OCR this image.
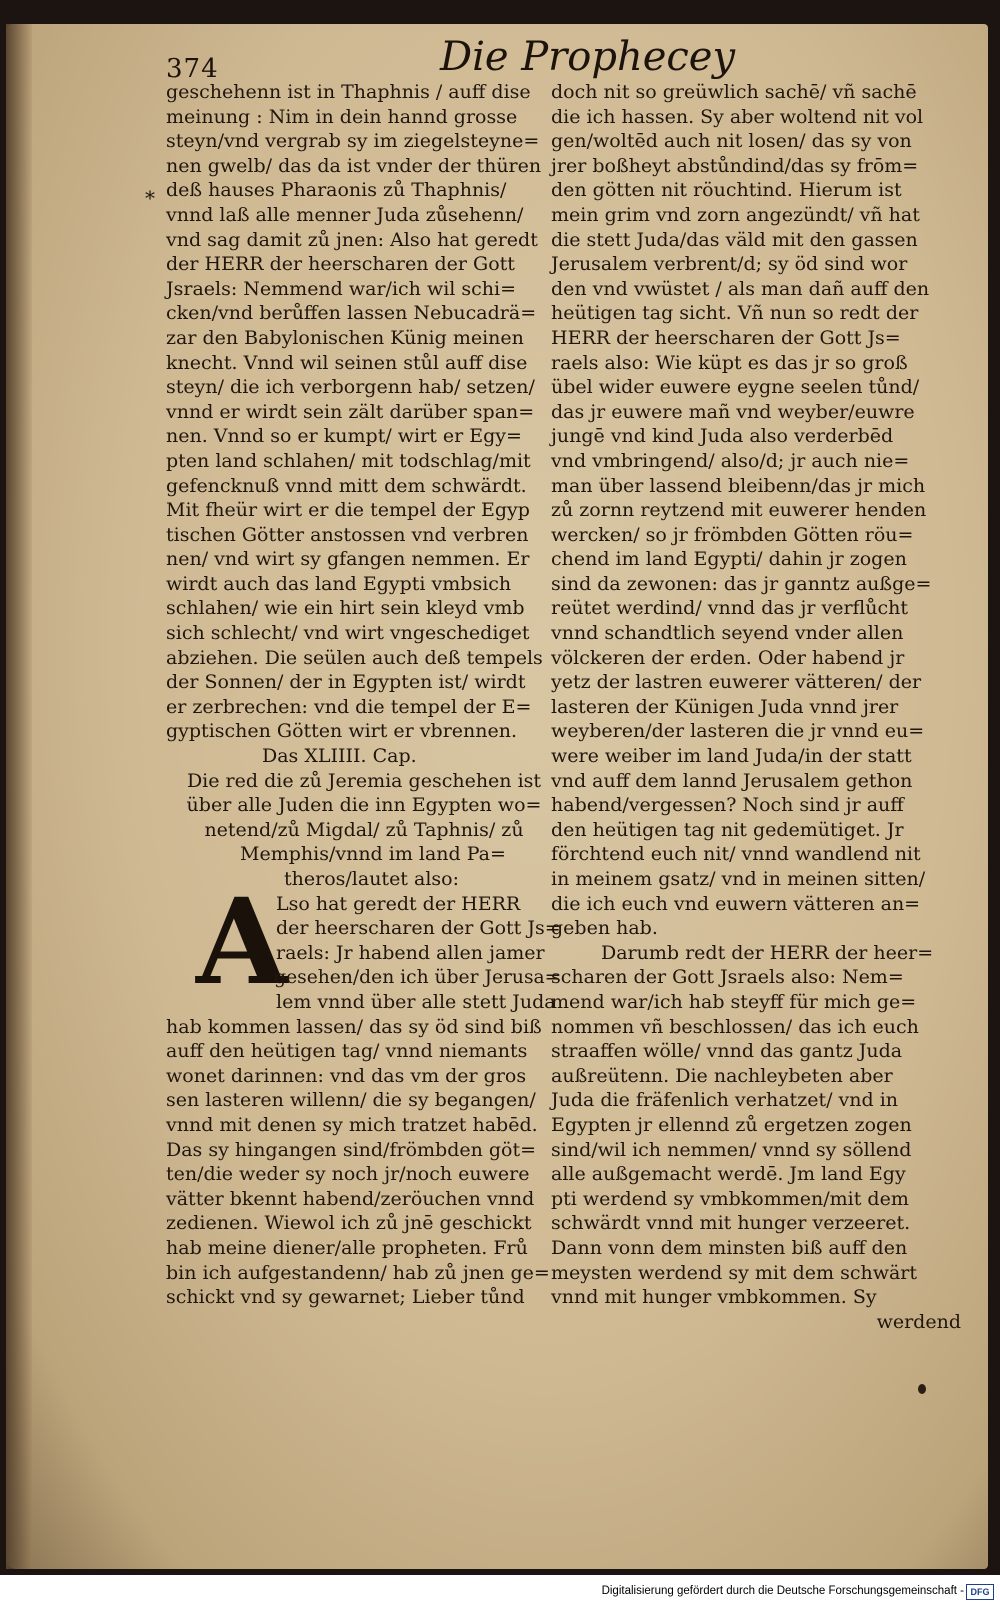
374	Die Prophecey
*
geschehenn ist in Thaphnis / auff dise
meinung : Nim in dein hannd grosse
steyn/vnd vergrab sy im ziegelsteyne=
nen gwelb/ das da ist vnder der thüren
deß hauses Pharaonis zů Thaphnis/
vnnd laß alle menner Juda zůsehenn/
vnd sag damit zů jnen: Also hat geredt
der HERR der heerscharen der Gott
Jsraels: Nemmend war/ich wil schi=
cken/vnd berůffen lassen Nebucadrä=
zar den Babylonischen Künig meinen
knecht. Vnnd wil seinen stůl auff dise
steyn/ die ich verborgenn hab/ setzen/
vnnd er wirdt sein zält darüber span=
nen. Vnnd so er kumpt/ wirt er Egy=
pten land schlahen/ mit todschlag/mit
gefencknuß vnnd mitt dem schwärdt.
Mit fheür wirt er die tempel der Egyp
tischen Götter anstossen vnd verbren
nen/ vnd wirt sy gfangen nemmen. Er
wirdt auch das land Egypti vmbsich
schlahen/ wie ein hirt sein kleyd vmb
sich schlecht/ vnd wirt vngeschediget
abziehen. Die seülen auch deß tempels
der Sonnen/ der in Egypten ist/ wirdt
er zerbrechen: vnd die tempel der E=
gyptischen Götten wirt er vbrennen.
Das XLIIII. Cap.
Die red die zů Jeremia geschehen ist
über alle Juden die inn Egypten wo=
netend/zů Migdal/ zů Taphnis/ zů
Memphis/vnnd im land Pa=
theros/lautet also:
A
Lso hat geredt der HERR
der heerscharen der Gott Js=
raels: Jr habend allen jamer
gesehen/den ich über Jerusa=
lem vnnd über alle stett Juda
hab kommen lassen/ das sy öd sind biß
auff den heütigen tag/ vnnd niemants
wonet darinnen: vnd das vm der gros
sen lasteren willenn/ die sy begangen/
vnnd mit denen sy mich tratzet habēd.
Das sy hingangen sind/frömbden göt=
ten/die weder sy noch jr/noch euwere
vätter bkennt habend/zeröuchen vnnd
zedienen. Wiewol ich zů jnē geschickt
hab meine diener/alle propheten. Frů
bin ich aufgestandenn/ hab zů jnen ge=
schickt vnd sy gewarnet; Lieber tůnd
doch nit so greüwlich sachē/ vñ sachē
die ich hassen. Sy aber woltend nit vol
gen/woltēd auch nit losen/ das sy von
jrer boßheyt abstůndind/das sy frōm=
den götten nit röuchtind. Hierum ist
mein grim vnd zorn angezündt/ vñ hat
die stett Juda/das väld mit den gassen
Jerusalem verbrent/d; sy öd sind wor
den vnd vwüstet / als man dañ auff den
heütigen tag sicht. Vñ nun so redt der
HERR der heerscharen der Gott Js=
raels also: Wie küpt es das jr so groß
übel wider euwere eygne seelen tůnd/
das jr euwere mañ vnd weyber/euwre
jungē vnd kind Juda also verderbēd
vnd vmbringend/ also/d; jr auch nie=
man über lassend bleibenn/das jr mich
zů zornn reytzend mit euwerer henden
wercken/ so jr frömbden Götten röu=
chend im land Egypti/ dahin jr zogen
sind da zewonen: das jr ganntz außge=
reütet werdind/ vnnd das jr verflůcht
vnnd schandtlich seyend vnder allen
völckeren der erden. Oder habend jr
yetz der lastren euwerer vätteren/ der
lasteren der Künigen Juda vnnd jrer
weyberen/der lasteren die jr vnnd eu=
were weiber im land Juda/in der statt
vnd auff dem lannd Jerusalem gethon
habend/vergessen? Noch sind jr auff
den heütigen tag nit gedemütiget. Jr
förchtend euch nit/ vnnd wandlend nit
in meinem gsatz/ vnd in meinen sitten/
die ich euch vnd euwern vätteren an=
geben hab.
Darumb redt der HERR der heer=
scharen der Gott Jsraels also: Nem=
mend war/ich hab steyff für mich ge=
nommen vñ beschlossen/ das ich euch
straaffen wölle/ vnnd das gantz Juda
außreütenn. Die nachleybeten aber
Juda die fräfenlich verhatzet/ vnd in
Egypten jr ellennd zů ergetzen zogen
sind/wil ich nemmen/ vnnd sy söllend
alle außgemacht werdē. Jm land Egy
pti werdend sy vmbkommen/mit dem
schwärdt vnnd mit hunger verzeeret.
Dann vonn dem minsten biß auff den
meysten werdend sy mit dem schwärt
vnnd mit hunger vmbkommen. Sy
werdend
Digitalisierung gefördert durch die Deutsche Forschungsgemeinschaft - DFG
